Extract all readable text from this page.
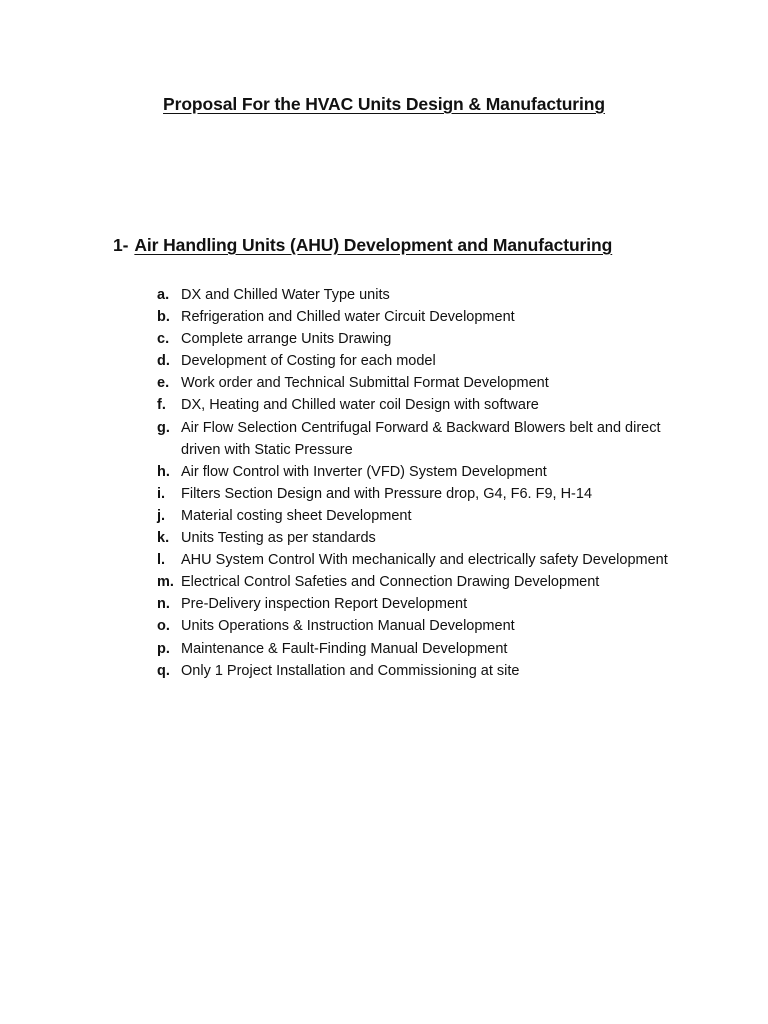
Proposal For the HVAC Units Design & Manufacturing
1- Air Handling Units (AHU) Development and Manufacturing
a. DX and Chilled Water Type units
b. Refrigeration and Chilled water Circuit Development
c. Complete arrange Units Drawing
d. Development of Costing for each model
e. Work order and Technical Submittal Format Development
f.	DX, Heating and Chilled water coil Design with software
g. Air Flow Selection Centrifugal Forward & Backward Blowers belt and direct driven with Static Pressure
h. Air flow Control with Inverter (VFD) System Development
i.	Filters Section Design and with Pressure drop, G4, F6. F9, H-14
j.	Material costing sheet Development
k. Units Testing as per standards
l.	AHU System Control With mechanically and electrically safety Development
m. Electrical Control Safeties and Connection Drawing Development
n. Pre-Delivery inspection Report Development
o. Units Operations & Instruction Manual Development
p. Maintenance & Fault-Finding Manual Development
q. Only 1 Project Installation and Commissioning at site
